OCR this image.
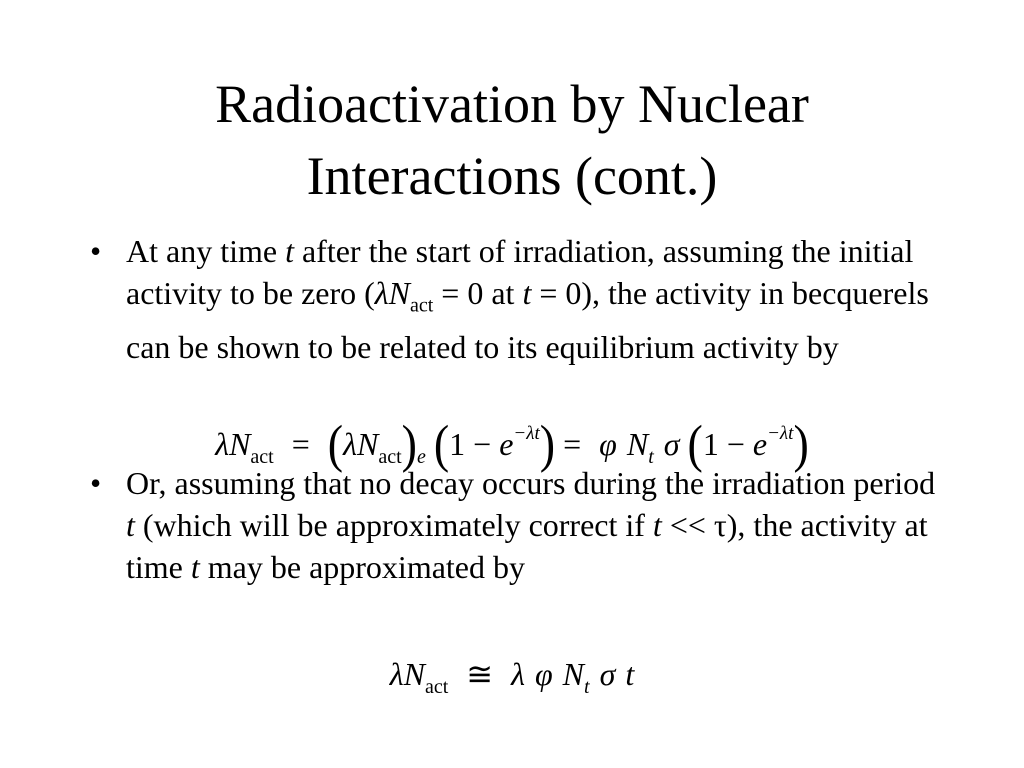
Radioactivation by Nuclear
Interactions (cont.)
• At any time t after the start of irradiation, assuming the initial activity to be zero ($\lambda N_{act} = 0$ at t = 0), the activity in becquerels can be shown to be related to its equilibrium activity by
$\lambda N_{act} = (\lambda N_{act})_e$ $(1 - e^{-\lambda t}) = \varphi$ $N_t$ σ $(1 - e^{-\lambda t})$
• Or, assuming that no decay occurs during the irradiation period t (which will be approximately correct if t << τ), the activity at time t may be approximated by
$\lambda N_{act}$ ≅ λ φ $N_t$ σ t
